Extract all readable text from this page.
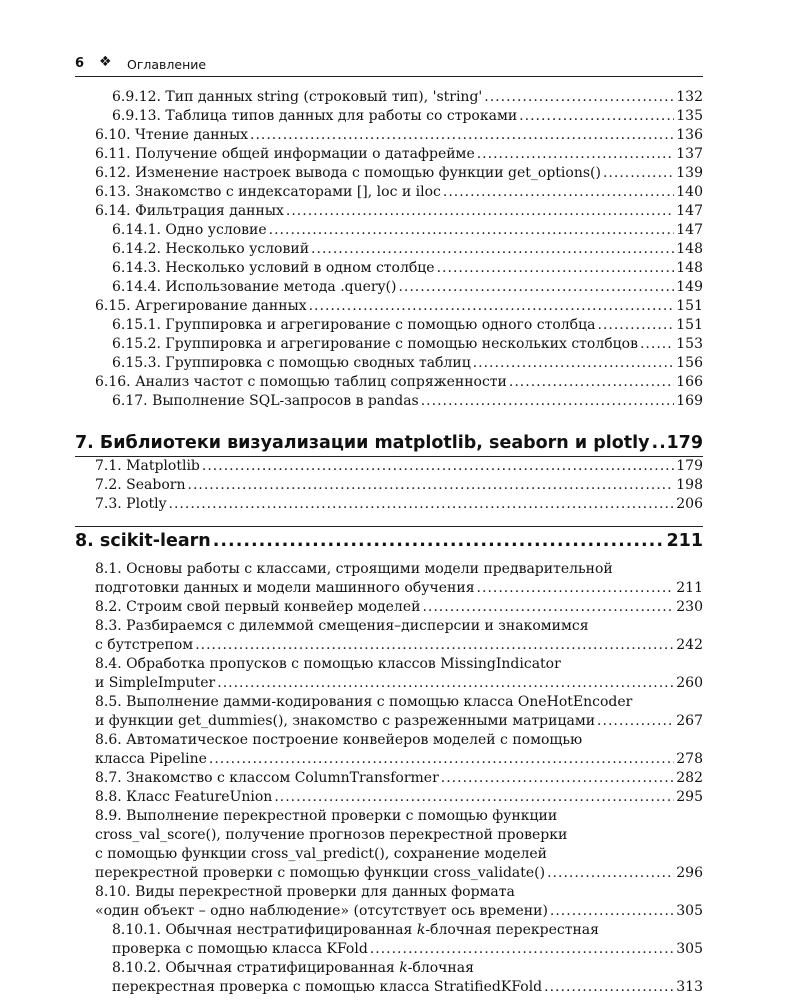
6 ❖ Оглавление
6.9.12. Тип данных string (строковый тип), 'string' .....	132
6.9.13. Таблица типов данных для работы со строками .....	135
6.10. Чтение данных .....	136
6.11. Получение общей информации о датафрейме .....	137
6.12. Изменение настроек вывода с помощью функции get_options() .....	139
6.13. Знакомство с индексаторами [], loc и iloc .....	140
6.14. Фильтрация данных .....	147
6.14.1. Одно условие .....	147
6.14.2. Несколько условий .....	148
6.14.3. Несколько условий в одном столбце .....	148
6.14.4. Использование метода .query() .....	149
6.15. Агрегирование данных .....	151
6.15.1. Группировка и агрегирование с помощью одного столбца .....	151
6.15.2. Группировка и агрегирование с помощью нескольких столбцов .....	153
6.15.3. Группировка с помощью сводных таблиц .....	156
6.16. Анализ частот с помощью таблиц сопряженности .....	166
6.17. Выполнение SQL-запросов в pandas .....	169
7. Библиотеки визуализации matplotlib, seaborn и plotly ..... 179
7.1. Matplotlib .....	179
7.2. Seaborn .....	198
7.3. Plotly .....	206
8. scikit-learn .....	211
8.1. Основы работы с классами, строящими модели предварительной
подготовки данных и модели машинного обучения .....	211
8.2. Строим свой первый конвейер моделей .....	230
8.3. Разбираемся с дилеммой смещения–дисперсии и знакомимся
с бутстрепом .....	242
8.4. Обработка пропусков с помощью классов MissingIndicator
и SimpleImputer .....	260
8.5. Выполнение дамми-кодирования с помощью класса OneHotEncoder
и функции get_dummies(), знакомство с разреженными матрицами .....	267
8.6. Автоматическое построение конвейеров моделей с помощью
класса Pipeline .....	278
8.7. Знакомство с классом ColumnTransformer .....	282
8.8. Класс FeatureUnion .....	295
8.9. Выполнение перекрестной проверки с помощью функции
cross_val_score(), получение прогнозов перекрестной проверки
с помощью функции cross_val_predict(), сохранение моделей
перекрестной проверки с помощью функции cross_validate() .....	296
8.10. Виды перекрестной проверки для данных формата
«один объект – одно наблюдение» (отсутствует ось времени) .....	305
8.10.1. Обычная нестратифицированная k-блочная перекрестная
проверка с помощью класса KFold .....	305
8.10.2. Обычная стратифицированная k-блочная
перекрестная проверка с помощью класса StratifiedKFold .....	313
